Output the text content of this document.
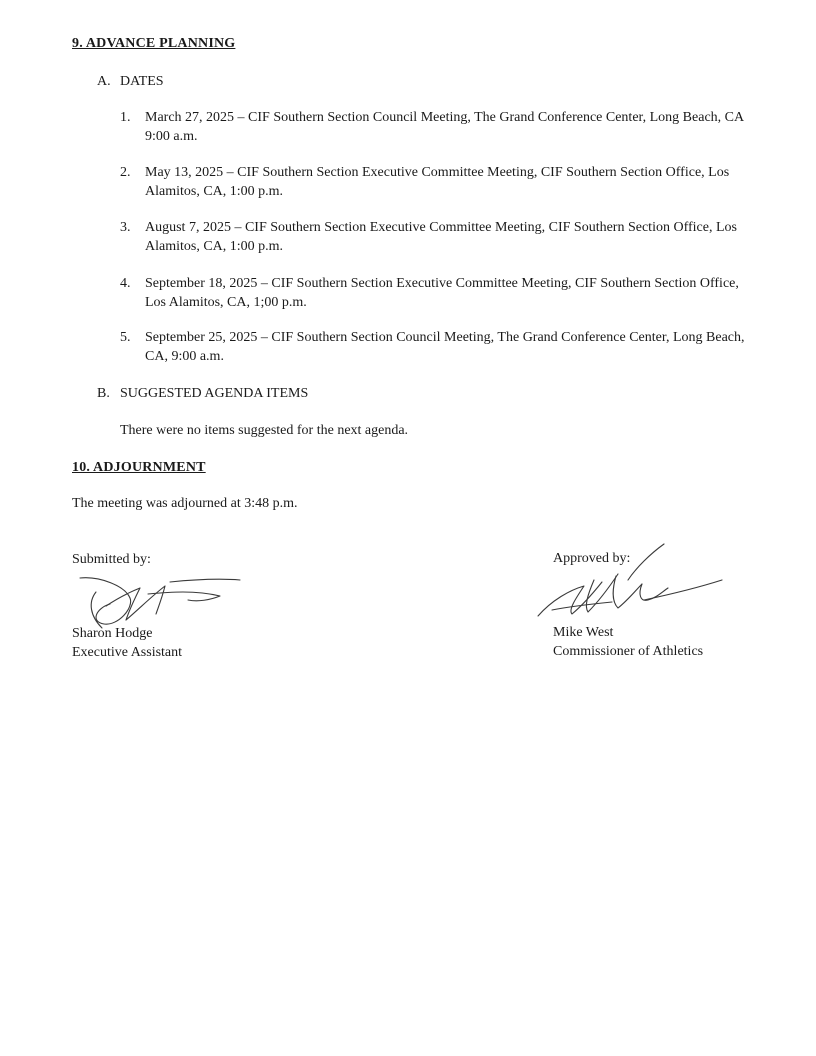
9. ADVANCE PLANNING
A. DATES
1. March 27, 2025 – CIF Southern Section Council Meeting, The Grand Conference Center, Long Beach, CA 9:00 a.m.
2. May 13, 2025 – CIF Southern Section Executive Committee Meeting, CIF Southern Section Office, Los Alamitos, CA, 1:00 p.m.
3. August 7, 2025 – CIF Southern Section Executive Committee Meeting, CIF Southern Section Office, Los Alamitos, CA, 1:00 p.m.
4. September 18, 2025 – CIF Southern Section Executive Committee Meeting, CIF Southern Section Office, Los Alamitos, CA, 1;00 p.m.
5. September 25, 2025 – CIF Southern Section Council Meeting, The Grand Conference Center, Long Beach, CA, 9:00 a.m.
B. SUGGESTED AGENDA ITEMS
There were no items suggested for the next agenda.
10. ADJOURNMENT
The meeting was adjourned at 3:48 p.m.
Submitted by:
Sharon Hodge
Executive Assistant
Approved by:
Mike West
Commissioner of Athletics
